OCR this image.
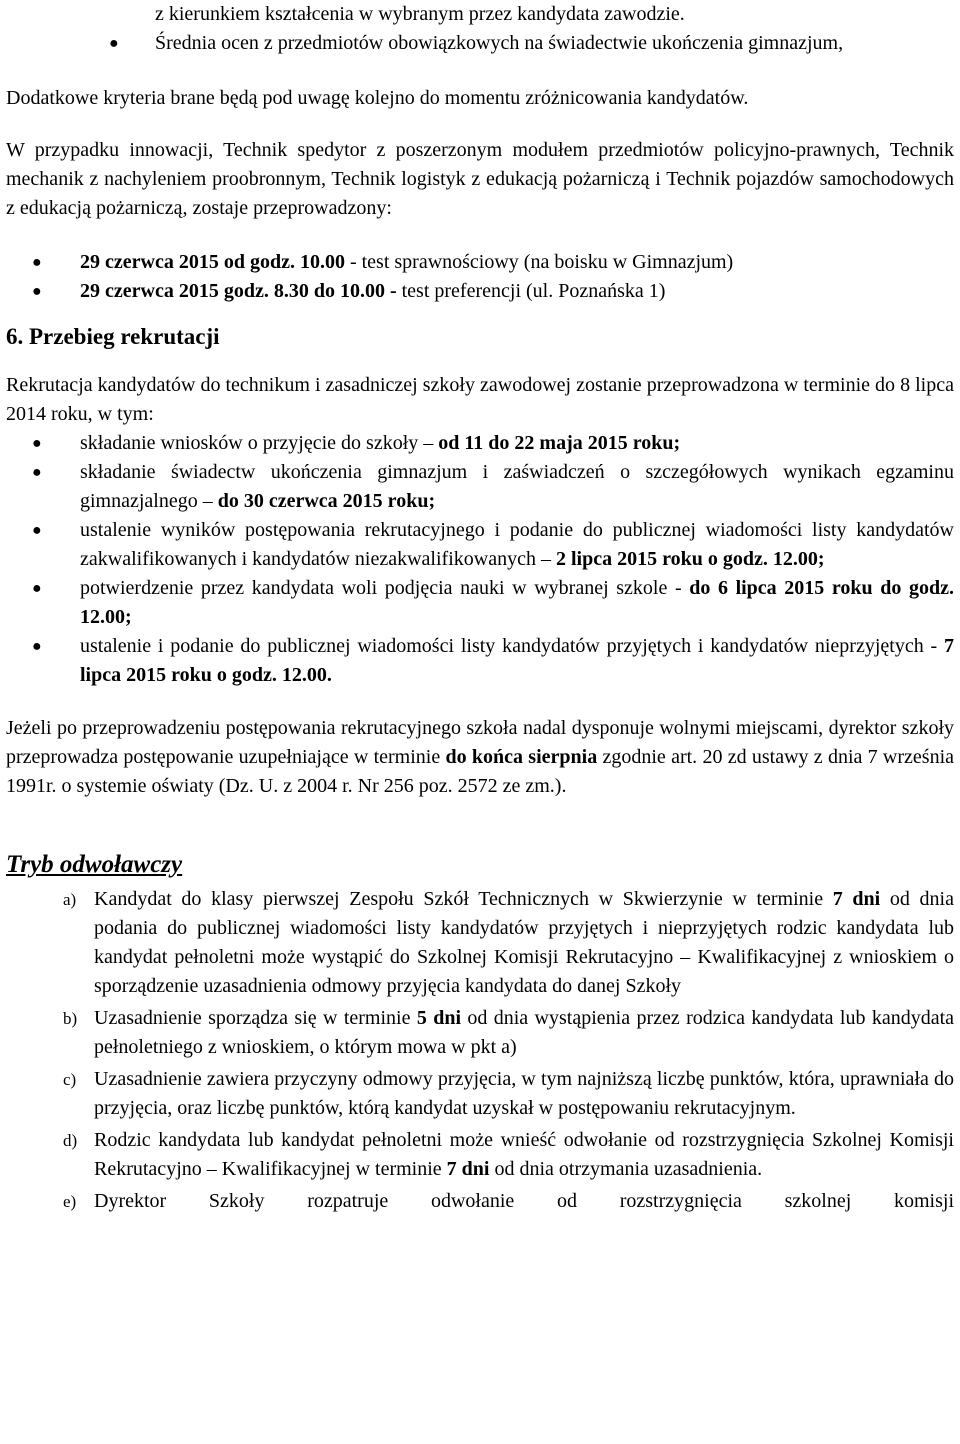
z kierunkiem kształcenia w wybranym przez kandydata zawodzie.

● Średnia ocen z przedmiotów obowiązkowych na świadectwie ukończenia gimnazjum,

Dodatkowe kryteria brane będą pod uwagę kolejno do momentu zróżnicowania kandydatów.

W przypadku innowacji, Technik spedytor z poszerzonym modułem przedmiotów policyjno-prawnych, Technik mechanik z nachyleniem proobronnym, Technik logistyk z edukacją pożarniczą i Technik pojazdów samochodowych z edukacją pożarniczą, zostaje przeprowadzony:

● 29 czerwca 2015 od godz. 10.00 - test sprawnościowy (na boisku w Gimnazjum)

● 29 czerwca 2015 godz. 8.30 do 10.00 - test preferencji (ul. Poznańska 1)

6. Przebieg rekrutacji

Rekrutacja kandydatów do technikum i zasadniczej szkoły zawodowej zostanie przeprowadzona w terminie do 8 lipca 2014 roku, w tym:

● składanie wniosków o przyjęcie do szkoły – od 11 do 22 maja 2015 roku;

● składanie świadectw ukończenia gimnazjum i zaświadczeń o szczegółowych wynikach egzaminu gimnazjalnego – do 30 czerwca 2015 roku;

● ustalenie wyników postępowania rekrutacyjnego i podanie do publicznej wiadomości listy kandydatów zakwalifikowanych i kandydatów niezakwalifikowanych – 2 lipca 2015 roku o godz. 12.00;

● potwierdzenie przez kandydata woli podjęcia nauki w wybranej szkole - do 6 lipca 2015 roku do godz. 12.00;

● ustalenie i podanie do publicznej wiadomości listy kandydatów przyjętych i kandydatów nieprzyjętych - 7 lipca 2015 roku o godz. 12.00.

Jeżeli po przeprowadzeniu postępowania rekrutacyjnego szkoła nadal dysponuje wolnymi miejscami, dyrektor szkoły przeprowadza postępowanie uzupełniające w terminie do końca sierpnia zgodnie art. 20 zd ustawy z dnia 7 września 1991r. o systemie oświaty (Dz. U. z 2004 r. Nr 256 poz. 2572 ze zm.).

Tryb odwoławczy

a) Kandydat do klasy pierwszej Zespołu Szkół Technicznych w Skwierzynie w terminie 7 dni od dnia podania do publicznej wiadomości listy kandydatów przyjętych i nieprzyjętych rodzic kandydata lub kandydat pełnoletni może wystąpić do Szkolnej Komisji Rekrutacyjno – Kwalifikacyjnej z wnioskiem o sporządzenie uzasadnienia odmowy przyjęcia kandydata do danej Szkoły

b) Uzasadnienie sporządza się w terminie 5 dni od dnia wystąpienia przez rodzica kandydata lub kandydata pełnoletniego z wnioskiem, o którym mowa w pkt a)

c) Uzasadnienie zawiera przyczyny odmowy przyjęcia, w tym najniższą liczbę punktów, która, uprawniała do przyjęcia, oraz liczbę punktów, którą kandydat uzyskał w postępowaniu rekrutacyjnym.

d) Rodzic kandydata lub kandydat pełnoletni może wnieść odwołanie od rozstrzygnięcia Szkolnej Komisji Rekrutacyjno – Kwalifikacyjnej w terminie 7 dni od dnia otrzymania uzasadnienia.

e) Dyrektor Szkoły rozpatruje odwołanie od rozstrzygnięcia szkolnej komisji
